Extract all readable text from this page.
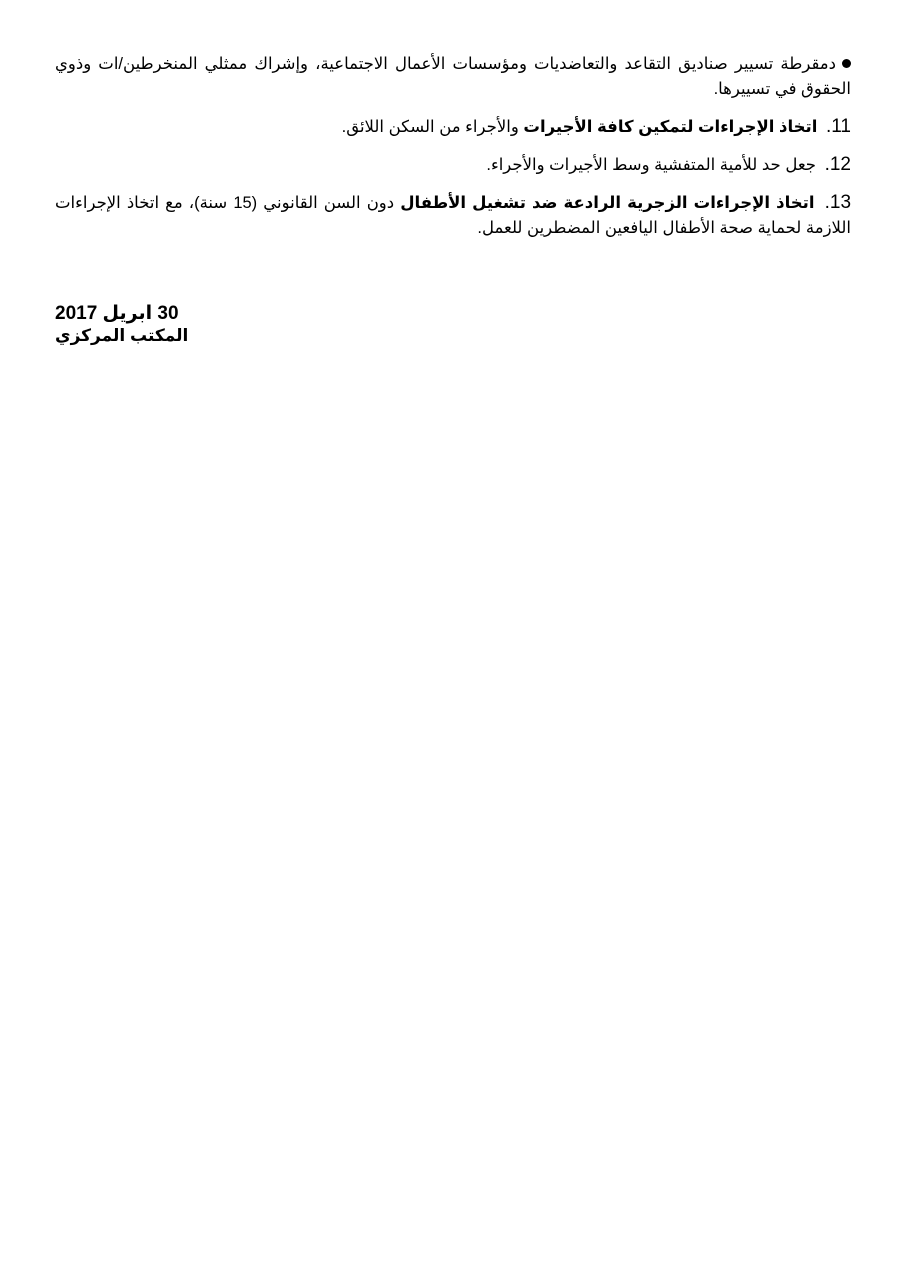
دمقرطة تسيير صناديق التقاعد والتعاضديات ومؤسسات الأعمال الاجتماعية، وإشراك ممثلي المنخرطين/ات وذوي الحقوق في تسييرها.

11. اتخاذ الإجراءات لتمكين كافة الأجيرات والأجراء من السكن اللائق.

12. جعل حد للأمية المتفشية وسط الأجيرات والأجراء.

13. اتخاذ الإجراءات الزجرية الرادعة ضد تشغيل الأطفال دون السن القانوني (15 سنة)، مع اتخاذ الإجراءات اللازمة لحماية صحة الأطفال اليافعين المضطرين للعمل.

30 ابريل 2017
المكتب المركزي
